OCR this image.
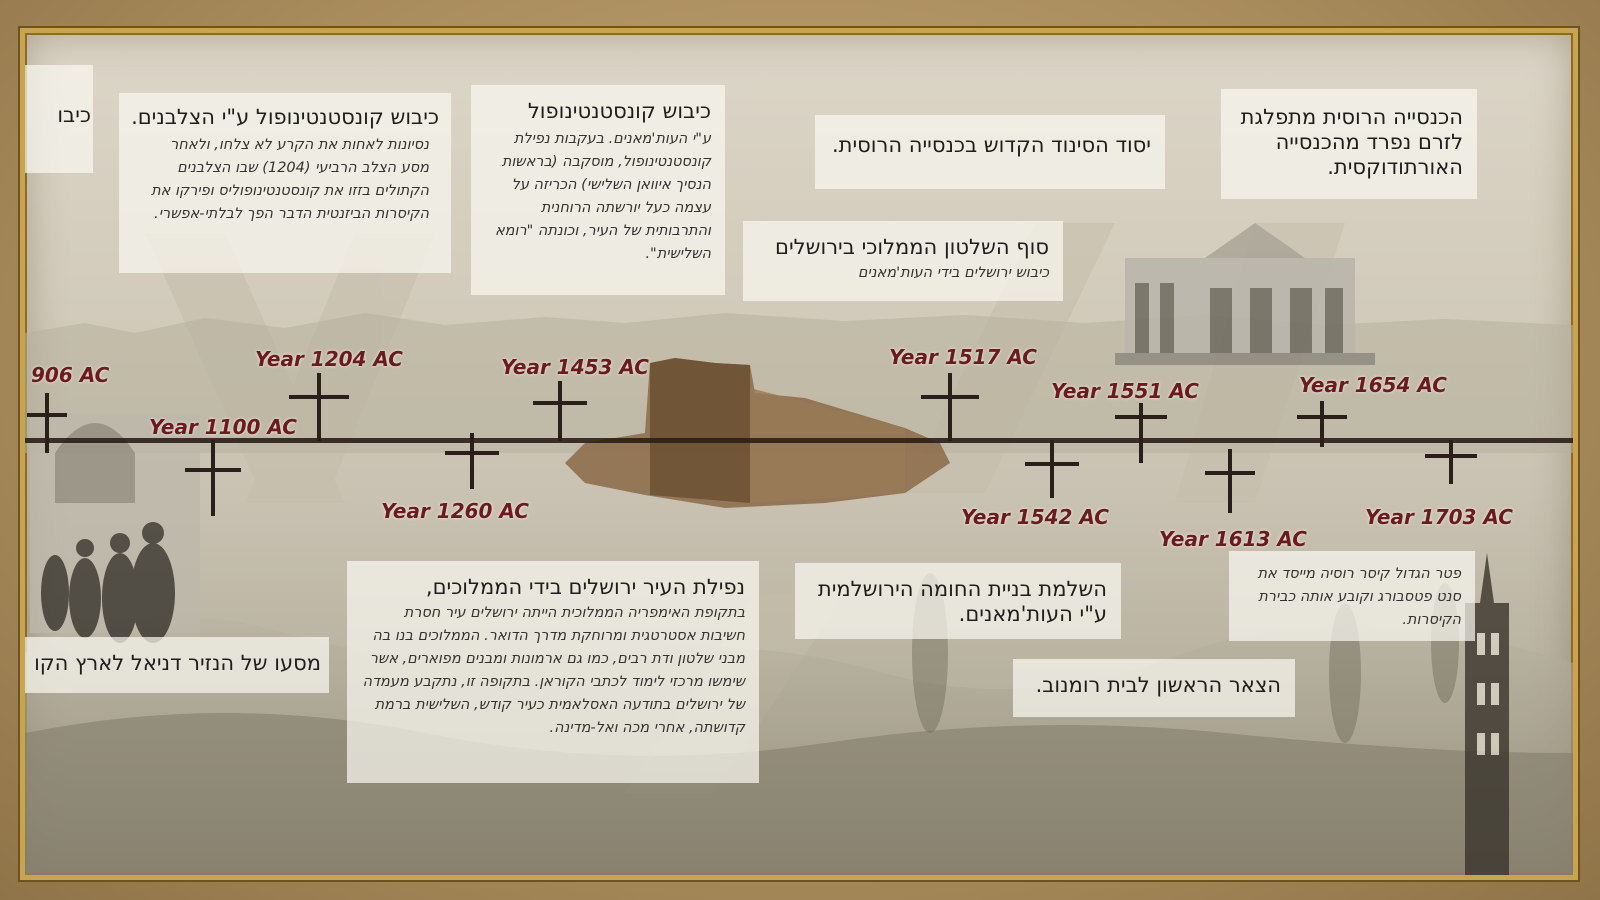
906 AC
Year 1100 AC
Year 1204 AC
Year 1260 AC
Year 1453 AC	Year 1517 AC
Year 1542 AC
Year 1551 AC
Year 1613 AC
Year 1654 AC
Year 1703 AC
כיבו כיבוש קונסטנטינופול ע"י הצלבנים.
נסיונות לאחות את הקרע לא צלחו, ולאחר מסע הצלב הרביעי (1204) שבו הצלבנים הקתולים בזזו את קונסטנטינופוליס ופירקו את הקיסרות הביזנטית הדבר הפך לבלתי-אפשרי.
כיבוש קונסטנטינופול
ע"י העות'מאנים. בעקבות נפילת קונסטנטינופול, מוסקבה (בראשות הנסיך איוואן השלישי) הכריזה על עצמה כעל יורשתה הרוחנית והתרבותית של העיר, וכונתה "רומא השלישית".
יסוד הסינוד הקדוש בכנסייה הרוסית.
הכנסייה הרוסית מתפלגת לזרם נפרד מהכנסייה האורתודוקסית.
סוף השלטון הממלוכי בירושלים
כיבוש ירושלים בידי העות'מאנים
נפילת העיר ירושלים בידי הממלוכים,
בתקופת האימפריה הממלוכית הייתה ירושלים עיר חסרת חשיבות אסטרטגית ומרוחקת מדרך הדואר. הממלוכים בנו בה מבני שלטון ודת רבים, כמו גם ארמונות ומבנים מפוארים, אשר שימשו מרכזי לימוד לכתבי הקוראן. בתקופה זו, נתקבע מעמדה של ירושלים בתודעה האסלאמית כעיר קודש, השלישית ברמת קדושתה, אחרי מכה ואל-מדינה.
השלמת בניית החומה הירושלמית ע"י העות'מאנים.
הצאר הראשון לבית רומנוב.
פטר הגדול קיסר רוסיה מייסד את סנט פטסבורג וקובע אותה כבירת הקיסרות.
מסעו של הנזיר דניאל לארץ הקו
